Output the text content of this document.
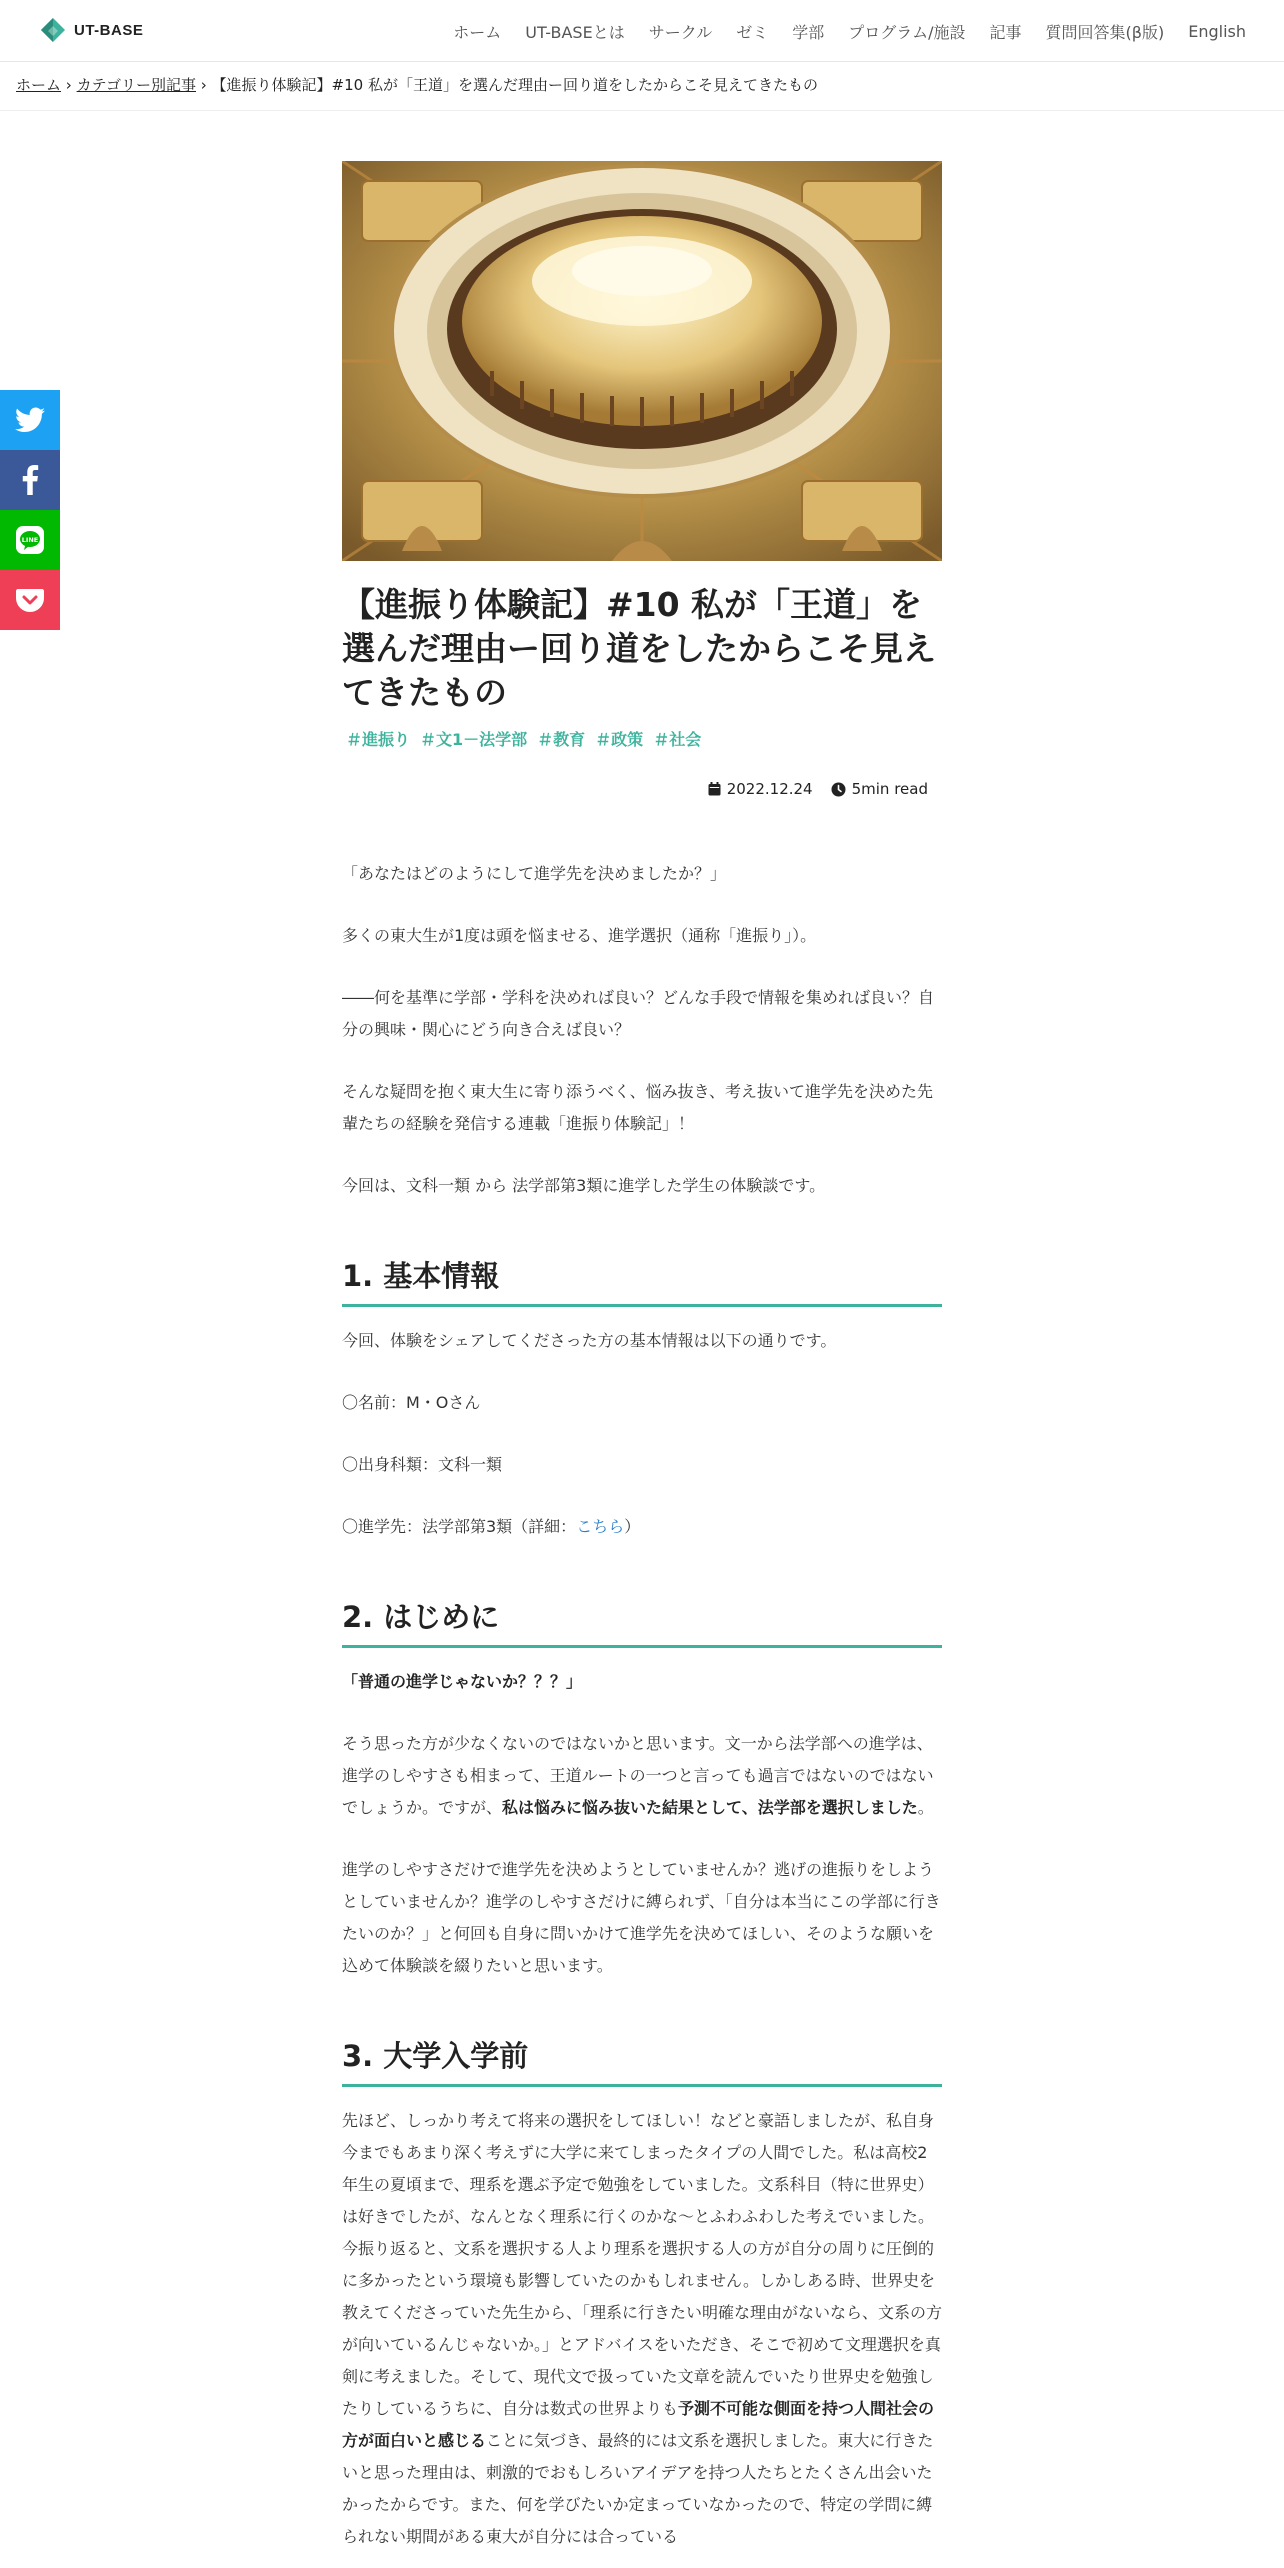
UT-BASE	ホーム	UT-BASEとは	サークル	ゼミ	学部	プログラム/施設	記事	質問回答集(β版)	English
ホーム › カテゴリー別記事 › 【進振り体験記】#10 私が「王道」を選んだ理由ー回り道をしたからこそ見えてきたもの
LINE
【進振り体験記】#10 私が「王道」を選んだ理由ー回り道をしたからこそ見えてきたもの
＃進振り ＃文1－法学部 ＃教育 ＃政策 ＃社会
2022.12.24	5min read

「あなたはどのようにして進学先を決めましたか？」

多くの東大生が1度は頭を悩ませる、進学選択（通称「進振り」）。

――何を基準に学部・学科を決めれば良い？どんな手段で情報を集めれば良い？自分の興味・関心にどう向き合えば良い？

そんな疑問を抱く東大生に寄り添うべく、悩み抜き、考え抜いて進学先を決めた先輩たちの経験を発信する連載「進振り体験記」！

今回は、文科一類 から 法学部第3類に進学した学生の体験談です。

1. 基本情報

今回、体験をシェアしてくださった方の基本情報は以下の通りです。

〇名前：M・Oさん

〇出身科類：文科一類

〇進学先：法学部第3類（詳細：こちら）

2. はじめに

「普通の進学じゃないか？？？」

そう思った方が少なくないのではないかと思います。文一から法学部への進学は、進学のしやすさも相まって、王道ルートの一つと言っても過言ではないのではないでしょうか。ですが、私は悩みに悩み抜いた結果として、法学部を選択しました。

進学のしやすさだけで進学先を決めようとしていませんか？逃げの進振りをしようとしていませんか？進学のしやすさだけに縛られず、「自分は本当にこの学部に行きたいのか？」と何回も自身に問いかけて進学先を決めてほしい、そのような願いを込めて体験談を綴りたいと思います。

3. 大学入学前

先ほど、しっかり考えて将来の選択をしてほしい！などと豪語しましたが、私自身今までもあまり深く考えずに大学に来てしまったタイプの人間でした。私は高校2年生の夏頃まで、理系を選ぶ予定で勉強をしていました。文系科目（特に世界史）は好きでしたが、なんとなく理系に行くのかな〜とふわふわした考えでいました。今振り返ると、文系を選択する人より理系を選択する人の方が自分の周りに圧倒的に多かったという環境も影響していたのかもしれません。しかしある時、世界史を教えてくださっていた先生から、「理系に行きたい明確な理由がないなら、文系の方が向いているんじゃないか。」とアドバイスをいただき、そこで初めて文理選択を真剣に考えました。そして、現代文で扱っていた文章を読んでいたり世界史を勉強したりしているうちに、自分は数式の世界よりも予測不可能な側面を持つ人間社会の方が面白いと感じることに気づき、最終的には文系を選択しました。東大に行きたいと思った理由は、刺激的でおもしろいアイデアを持つ人たちとたくさん出会いたかったからです。また、何を学びたいか定まっていなかったので、特定の学問に縛られない期間がある東大が自分には合っている
